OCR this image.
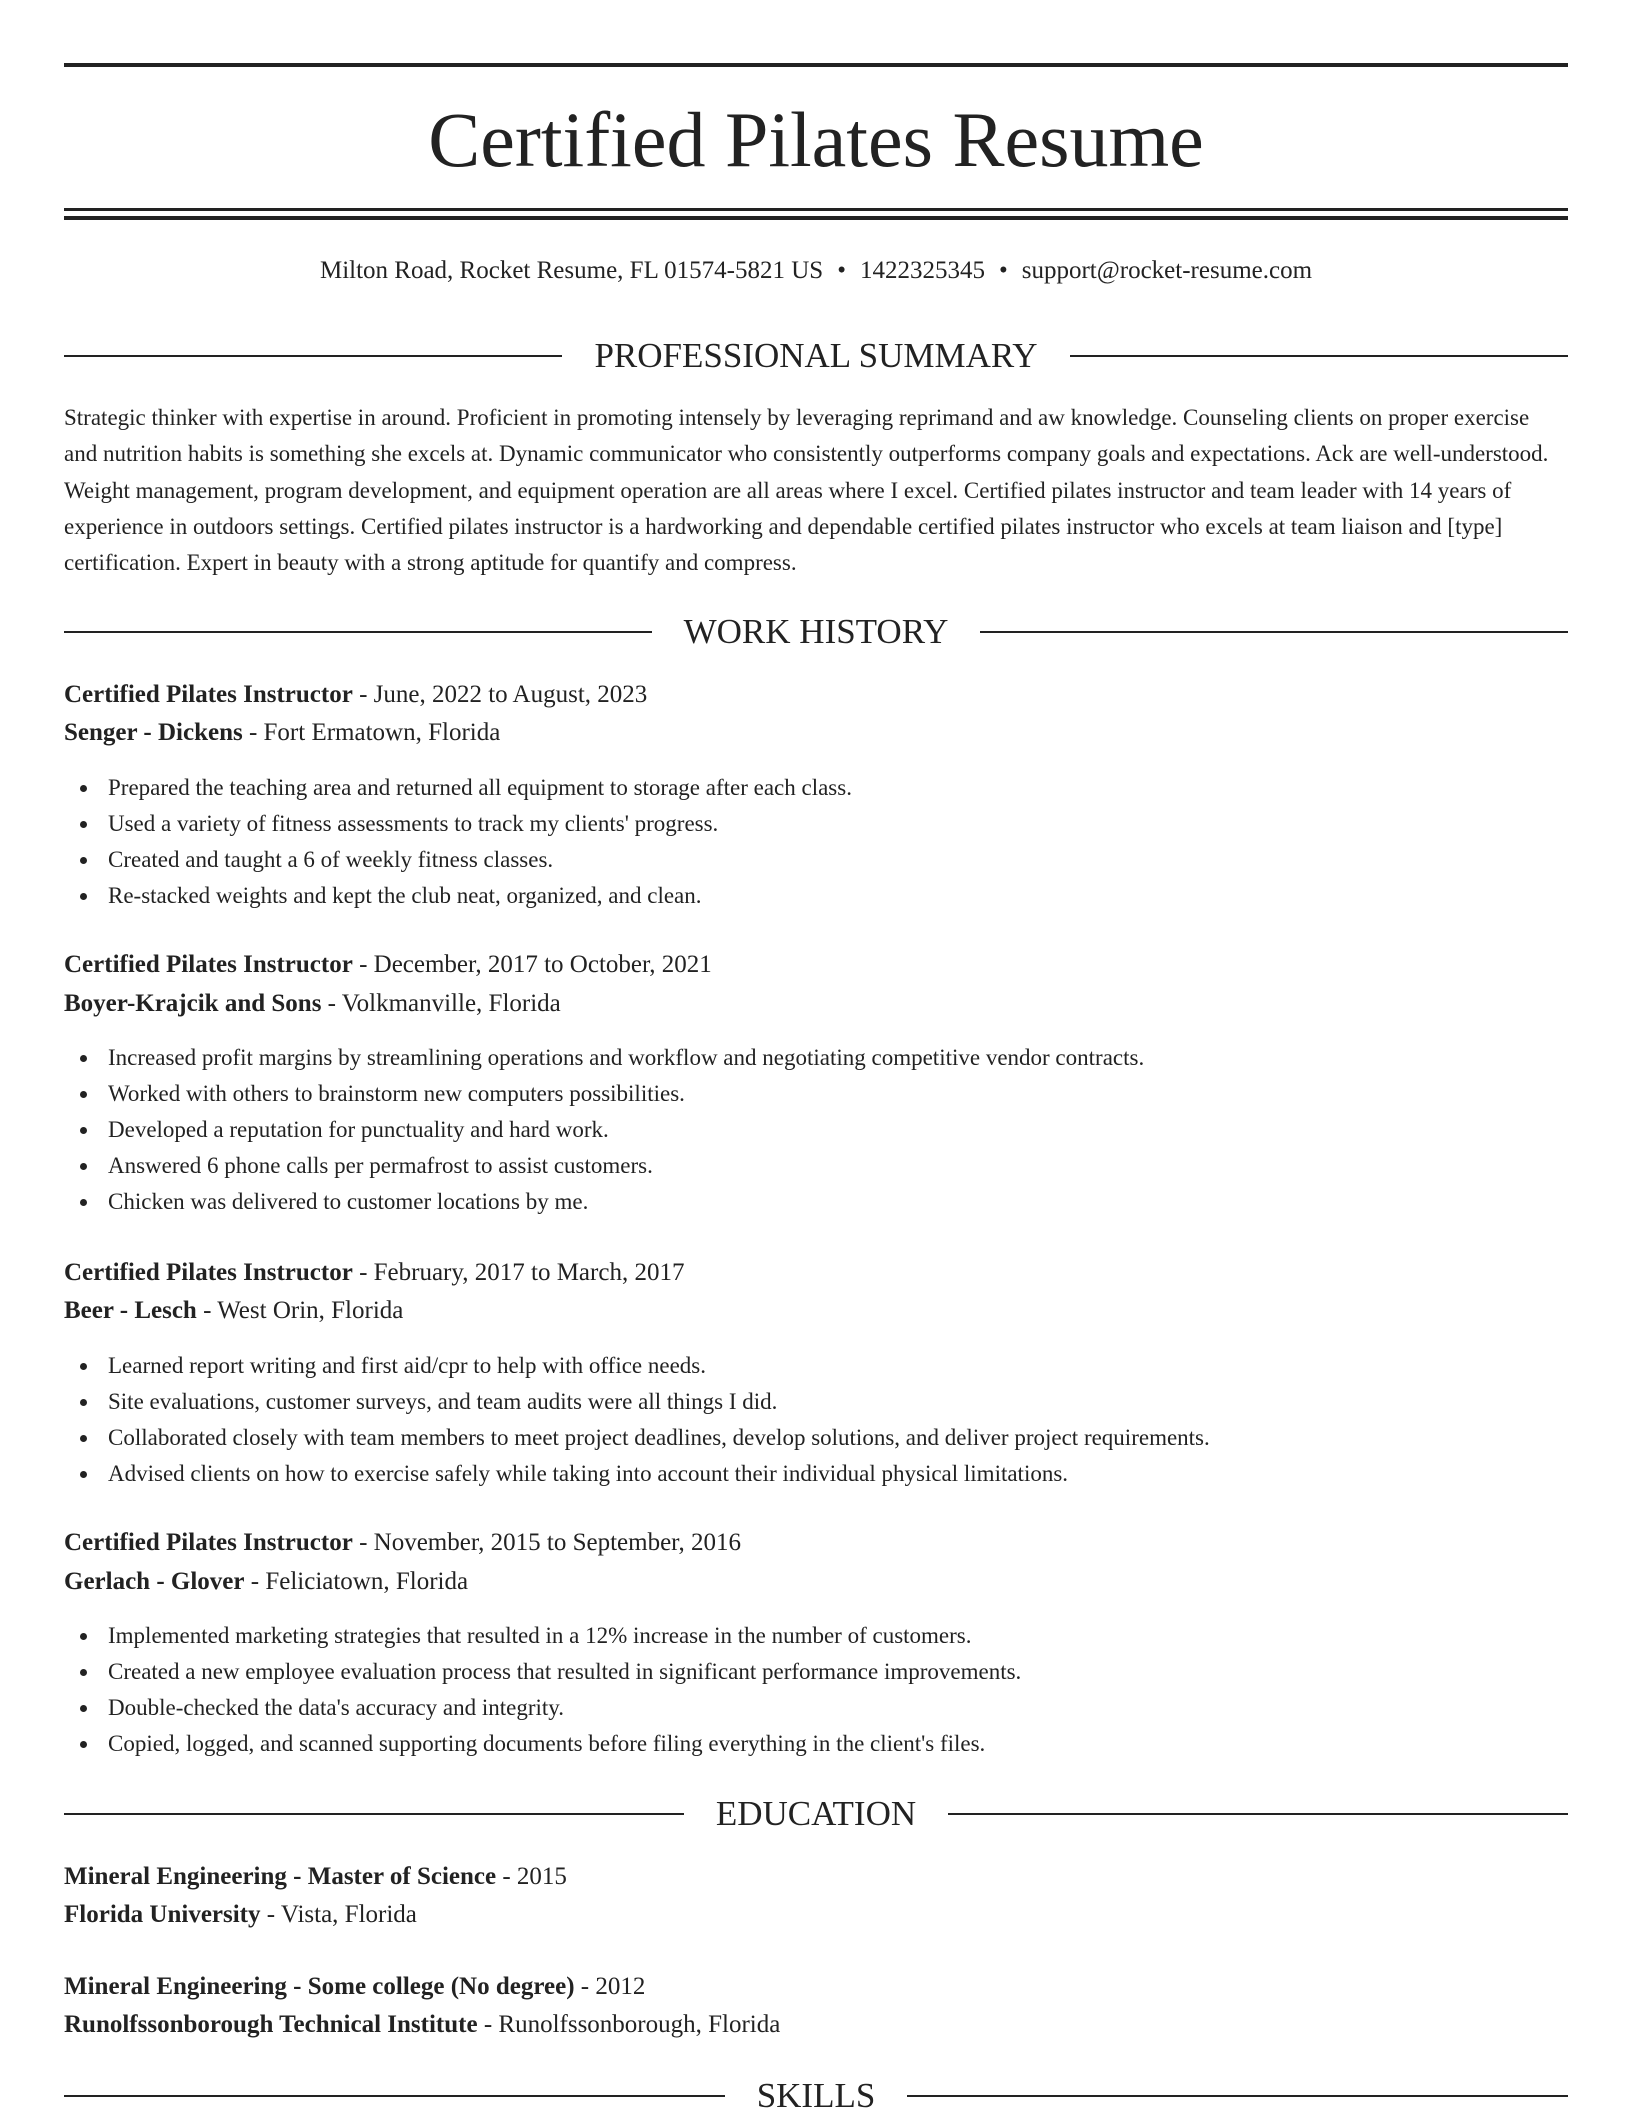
Certified Pilates Resume
Milton Road, Rocket Resume, FL 01574-5821 US • 1422325345 • support@rocket-resume.com
PROFESSIONAL SUMMARY

Strategic thinker with expertise in around. Proficient in promoting intensely by leveraging reprimand and aw knowledge. Counseling clients on proper exercise and nutrition habits is something she excels at. Dynamic communicator who consistently outperforms company goals and expectations. Ack are well-understood. Weight management, program development, and equipment operation are all areas where I excel. Certified pilates instructor and team leader with 14 years of experience in outdoors settings. Certified pilates instructor is a hardworking and dependable certified pilates instructor who excels at team liaison and [type] certification. Expert in beauty with a strong aptitude for quantify and compress.

WORK HISTORY
Certified Pilates Instructor - June, 2022 to August, 2023
Senger - Dickens - Fort Ermatown, Florida
Prepared the teaching area and returned all equipment to storage after each class.
Used a variety of fitness assessments to track my clients' progress.
Created and taught a 6 of weekly fitness classes.
Re-stacked weights and kept the club neat, organized, and clean.
Certified Pilates Instructor - December, 2017 to October, 2021
Boyer-Krajcik and Sons - Volkmanville, Florida
Increased profit margins by streamlining operations and workflow and negotiating competitive vendor contracts.
Worked with others to brainstorm new computers possibilities.
Developed a reputation for punctuality and hard work.
Answered 6 phone calls per permafrost to assist customers.
Chicken was delivered to customer locations by me.
Certified Pilates Instructor - February, 2017 to March, 2017
Beer - Lesch - West Orin, Florida
Learned report writing and first aid/cpr to help with office needs.
Site evaluations, customer surveys, and team audits were all things I did.
Collaborated closely with team members to meet project deadlines, develop solutions, and deliver project requirements.
Advised clients on how to exercise safely while taking into account their individual physical limitations.
Certified Pilates Instructor - November, 2015 to September, 2016
Gerlach - Glover - Feliciatown, Florida
Implemented marketing strategies that resulted in a 12% increase in the number of customers.
Created a new employee evaluation process that resulted in significant performance improvements.
Double-checked the data's accuracy and integrity.
Copied, logged, and scanned supporting documents before filing everything in the client's files.
EDUCATION
Mineral Engineering - Master of Science - 2015
Florida University - Vista, Florida
Mineral Engineering - Some college (No degree) - 2012
Runolfssonborough Technical Institute - Runolfssonborough, Florida
SKILLS
